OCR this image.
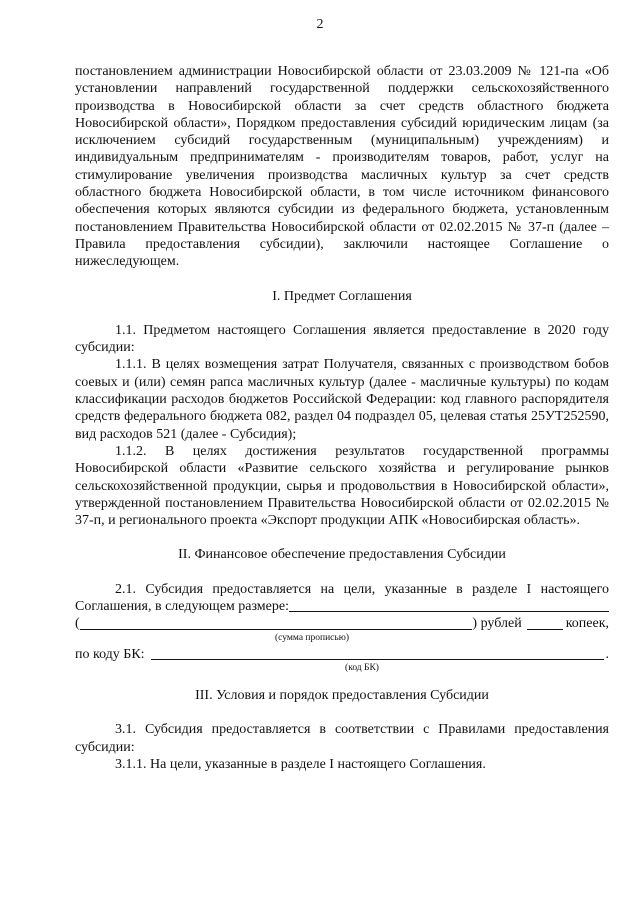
2

постановлением администрации Новосибирской области от 23.03.2009 № 121-па «Об установлении направлений государственной поддержки сельскохозяйственного производства в Новосибирской области за счет средств областного бюджета Новосибирской области», Порядком предоставления субсидий юридическим лицам (за исключением субсидий государственным (муниципальным) учреждениям) и индивидуальным предпринимателям - производителям товаров, работ, услуг на стимулирование увеличения производства масличных культур за счет средств областного бюджета Новосибирской области, в том числе источником финансового обеспечения которых являются субсидии из федерального бюджета, установленным постановлением Правительства Новосибирской области от 02.02.2015 № 37-п (далее – Правила предоставления субсидии), заключили настоящее Соглашение о нижеследующем.

I. Предмет Соглашения

1.1. Предметом настоящего Соглашения является предоставление в 2020 году субсидии:

1.1.1. В целях возмещения затрат Получателя, связанных с производством бобов соевых и (или) семян рапса масличных культур (далее - масличные культуры) по кодам классификации расходов бюджетов Российской Федерации: код главного распорядителя средств федерального бюджета 082, раздел 04 подраздел 05, целевая статья 25УТ252590, вид расходов 521 (далее - Субсидия);

1.1.2. В целях достижения результатов государственной программы Новосибирской области «Развитие сельского хозяйства и регулирование рынков сельскохозяйственной продукции, сырья и продовольствия в Новосибирской области», утвержденной постановлением Правительства Новосибирской области от 02.02.2015 № 37-п, и регионального проекта «Экспорт продукции АПК «Новосибирская область».

II. Финансовое обеспечение предоставления Субсидии

2.1. Субсидия предоставляется на цели, указанные в разделе I настоящего

Соглашения, в следующем размере:
(	) рублей	копеек,
(сумма прописью)
по коду БК:	.
(код БК)

III. Условия и порядок предоставления Субсидии

3.1. Субсидия предоставляется в соответствии с Правилами предоставления субсидии:

3.1.1. На цели, указанные в разделе I настоящего Соглашения.
